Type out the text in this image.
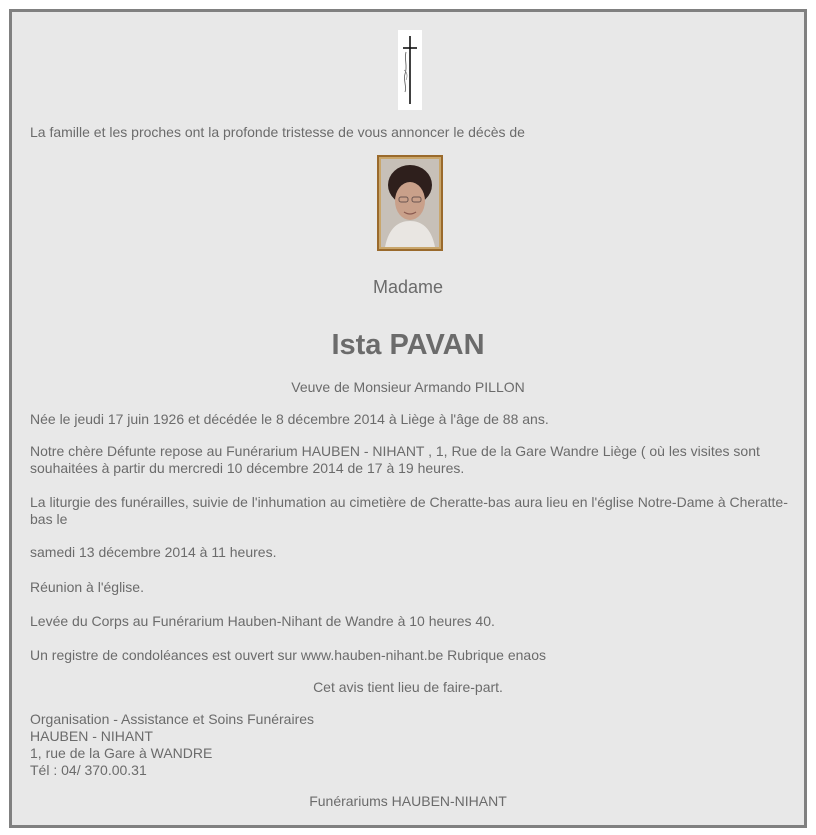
La famille et les proches ont la profonde tristesse de vous annoncer le décès de

Madame

Ista PAVAN

Veuve de Monsieur Armando PILLON

Née le jeudi 17 juin 1926 et décédée le 8 décembre 2014 à Liège à l'âge de 88 ans.

Notre chère Défunte repose au Funérarium HAUBEN - NIHANT , 1, Rue de la Gare Wandre Liège ( où les visites sont souhaitées à partir du mercredi 10 décembre 2014 de 17 à 19 heures.

La liturgie des funérailles, suivie de l'inhumation au cimetière de Cheratte-bas aura lieu en l'église Notre-Dame à Cheratte-bas le

samedi 13 décembre 2014 à 11 heures.

Réunion à l'église.

Levée du Corps au Funérarium Hauben-Nihant de Wandre à 10 heures 40.

Un registre de condoléances est ouvert sur www.hauben-nihant.be Rubrique enaos

Cet avis tient lieu de faire-part.

Organisation - Assistance et Soins Funéraires
HAUBEN - NIHANT
1, rue de la Gare à WANDRE
Tél : 04/ 370.00.31

Funérariums HAUBEN-NIHANT
